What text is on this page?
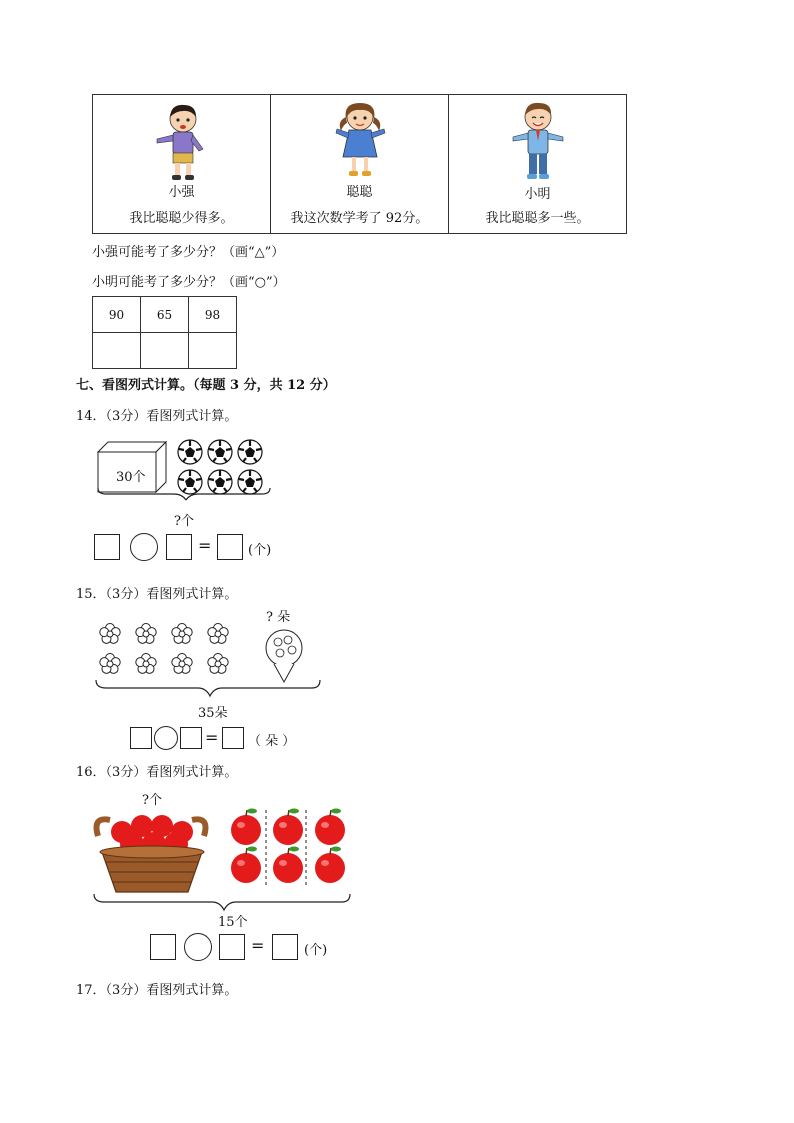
小强
我比聪聪少得多。

聪聪
我这次数学考了 92分。

小明
我比聪聪多一些。
小强可能考了多少分？（画“△”）
小明可能考了多少分？（画“○”）
90	65	98

七、看图列式计算。（每题 3 分，共 12 分）
14．（3分）看图列式计算。
30个
?个
=	(个)
15．（3分）看图列式计算。
? 朵
35朵
= （ 朵 ）
16．（3分）看图列式计算。
?个
15个
=	(个)
17．（3分）看图列式计算。
